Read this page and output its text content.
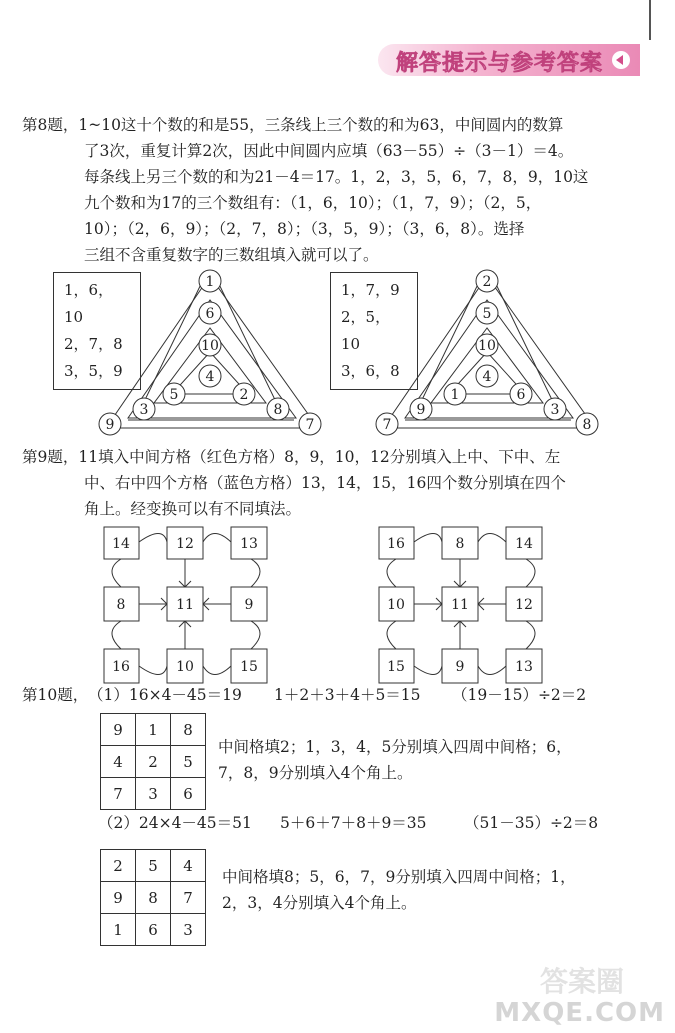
解答提示与参考答案
第8题，1~10这十个数的和是55，三条线上三个数的和为63，中间圆内的数算
了3次，重复计算2次，因此中间圆内应填（63－55）÷（3－1）＝4。
每条线上另三个数的和为21－4＝17。1，2，3，5，6，7，8，9，10这
九个数和为17的三个数组有：（1，6，10）；（1，7，9）；（2，5，
10）；（2，6，9）；（2，7，8）；（3，5，9）；（3，6，8）。选择
三组不含重复数字的三数组填入就可以了。
1，6，10
2，7，8
3，5，9
1，7，9
2，5，10
3，6，8
1
6
10
4
5	2
3	8
9	7
2
5
10
4
1	6
9	3
7	8
第9题，11填入中间方格（红色方格）8，9，10，12分别填入上中、下中、左
中、右中四个方格（蓝色方格）13，14，15，16四个数分别填在四个
角上。经变换可以有不同填法。
14	12	13
8	11	9
16	10	15
16	8	14
10	11	12
15	9	13
第10题， （1）16×4－45＝19 1＋2＋3＋4＋5＝15 （19－15）÷2＝2
9	1	8
4	2	5
7	3	6
中间格填2；1，3，4，5分别填入四周中间格；6，
7，8，9分别填入4个角上。
（2）24×4－45＝51 5＋6＋7＋8＋9＝35 （51－35）÷2＝8
2	5	4
9	8	7
1	6	3
中间格填8；5，6，7，9分别填入四周中间格；1，
2，3，4分别填入4个角上。
答案圈
MXQE.COM
